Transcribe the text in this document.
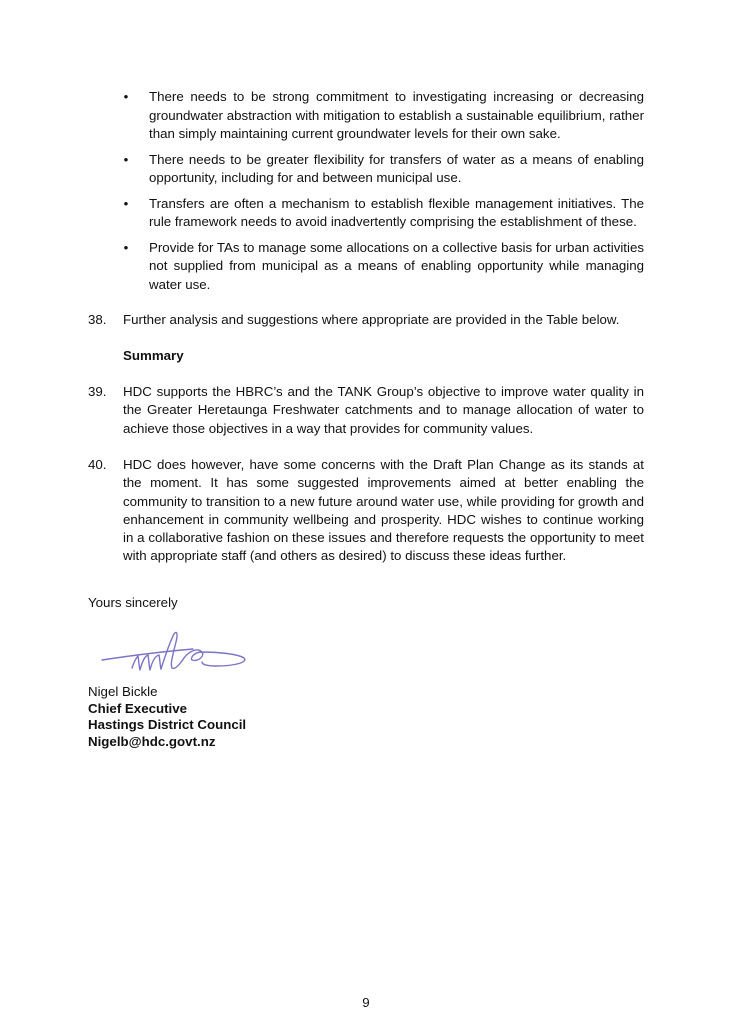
• There needs to be strong commitment to investigating increasing or decreasing groundwater abstraction with mitigation to establish a sustainable equilibrium, rather than simply maintaining current groundwater levels for their own sake.
• There needs to be greater flexibility for transfers of water as a means of enabling opportunity, including for and between municipal use.
• Transfers are often a mechanism to establish flexible management initiatives. The rule framework needs to avoid inadvertently comprising the establishment of these.
• Provide for TAs to manage some allocations on a collective basis for urban activities not supplied from municipal as a means of enabling opportunity while managing water use.
38.	Further analysis and suggestions where appropriate are provided in the Table below.
Summary
39.	HDC supports the HBRC’s and the TANK Group’s objective to improve water quality in the Greater Heretaunga Freshwater catchments and to manage allocation of water to achieve those objectives in a way that provides for community values.
40.	HDC does however, have some concerns with the Draft Plan Change as its stands at the moment. It has some suggested improvements aimed at better enabling the community to transition to a new future around water use, while providing for growth and enhancement in community wellbeing and prosperity. HDC wishes to continue working in a collaborative fashion on these issues and therefore requests the opportunity to meet with appropriate staff (and others as desired) to discuss these ideas further.
Yours sincerely
Nigel Bickle
Chief Executive
Hastings District Council
Nigelb@hdc.govt.nz
9
